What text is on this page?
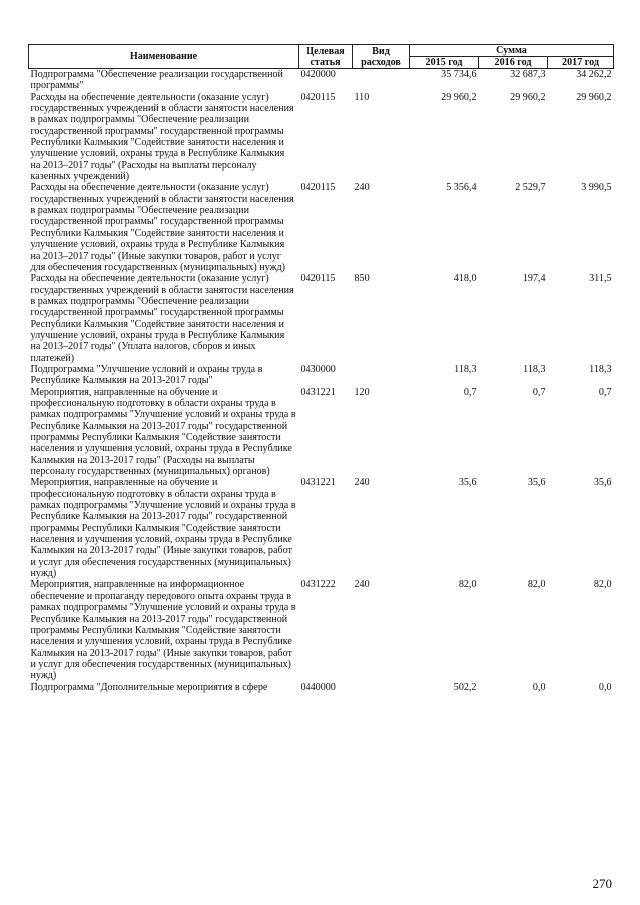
Наименование	Целевая статья	Вид расходов	Сумма		
			2015 год	2016 год	2017 год
Подпрограмма "Обеспечение реализации государственной программы"	0420000		35 734,6	32 687,3	34 262,2
Расходы на обеспечение деятельности (оказание услуг) государственных учреждений в области занятости населения в рамках подпрограммы "Обеспечение реализации государственной программы" государственной программы Республики Калмыкия "Содействие занятости населения и улучшение условий, охраны труда в Республике Калмыкия на 2013–2017 годы" (Расходы на выплаты персоналу казенных учреждений)	0420115	110	29 960,2	29 960,2	29 960,2
Расходы на обеспечение деятельности (оказание услуг) государственных учреждений в области занятости населения в рамках подпрограммы "Обеспечение реализации государственной программы" государственной программы Республики Калмыкия "Содействие занятости населения и улучшение условий, охраны труда в Республике Калмыкия на 2013–2017 годы" (Иные закупки товаров, работ и услуг для обеспечения государственных (муниципальных) нужд)	0420115	240	5 356,4	2 529,7	3 990,5
Расходы на обеспечение деятельности (оказание услуг) государственных учреждений в области занятости населения в рамках подпрограммы "Обеспечение реализации государственной программы" государственной программы Республики Калмыкия "Содействие занятости населения и улучшение условий, охраны труда в Республике Калмыкия на 2013–2017 годы" (Уплата налогов, сборов и иных платежей)	0420115	850	418,0	197,4	311,5
Подпрограмма "Улучшение условий и охраны труда в Республике Калмыкия на 2013-2017 годы"	0430000		118,3	118,3	118,3
Мероприятия, направленные на обучение и профессиональную подготовку в области охраны труда в рамках подпрограммы "Улучшение условий и охраны труда в Республике Калмыкия на 2013-2017 годы" государственной программы Республики Калмыкия "Содействие занятости населения и улучшения условий, охраны труда в Республике Калмыкия на 2013-2017 годы" (Расходы на выплаты персоналу государственных (муниципальных) органов)	0431221	120	0,7	0,7	0,7
Мероприятия, направленные на обучение и профессиональную подготовку в области охраны труда в рамках подпрограммы "Улучшение условий и охраны труда в Республике Калмыкия на 2013-2017 годы" государственной программы Республики Калмыкия "Содействие занятости населения и улучшения условий, охраны труда в Республике Калмыкия на 2013-2017 годы" (Иные закупки товаров, работ и услуг для обеспечения государственных (муниципальных) нужд)	0431221	240	35,6	35,6	35,6
Мероприятия, направленные на информационное обеспечение и пропаганду передового опыта охраны труда в рамках подпрограммы "Улучшение условий и охраны труда в Республике Калмыкия на 2013-2017 годы" государственной программы Республики Калмыкия "Содействие занятости населения и улучшения условий, охраны труда в Республике Калмыкия на 2013-2017 годы" (Иные закупки товаров, работ и услуг для обеспечения государственных (муниципальных) нужд)	0431222	240	82,0	82,0	82,0
Подпрограмма "Дополнительные мероприятия в сфере	0440000		502,2	0,0	0,0
270
